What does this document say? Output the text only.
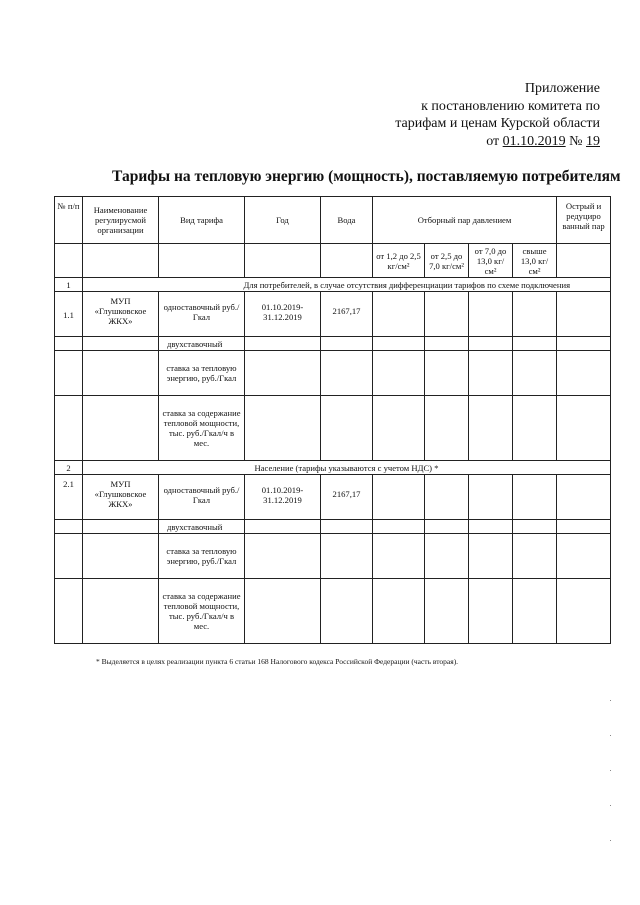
Приложение
к постановлению комитета по
тарифам и ценам Курской области
от 01.10.2019 № 19
Тарифы на тепловую энергию (мощность), поставляемую потребителям
№ п/п	Наименование регулирусмой организации	Вид тарифа	Год	Вода	Отборный пар давлением				Острый и редуциро ванный пар
					от 1,2 до 2,5 кг/см²	от 2,5 до 7,0 кг/см²	от 7,0 до 13,0 кг/см²	свыше 13,0 кг/см²	
1	Для потребителей, в случае отсутствия дифференциации тарифов по схеме подключения								
1.1	МУП «Глушковское ЖКХ»	одноставочный руб./Гкал	01.10.2019-31.12.2019	2167,17					
		двухставочный							
		ставка за тепловую энергию, руб./Гкал							
		ставка за содержание тепловой мощности, тыс. руб./Гкал/ч в мес.							
2	Население (тарифы указываются с учетом НДС) *								
2.1	МУП «Глушковское ЖКХ»	одноставочный руб./Гкал	01.10.2019-31.12.2019	2167,17					
		двухставочный							
		ставка за тепловую энергию, руб./Гкал							
		ставка за содержание тепловой мощности, тыс. руб./Гкал/ч в мес.							
* Выделяется в целях реализации пункта 6 статьи 168 Налогового кодекса Российской Федерации (часть вторая).
